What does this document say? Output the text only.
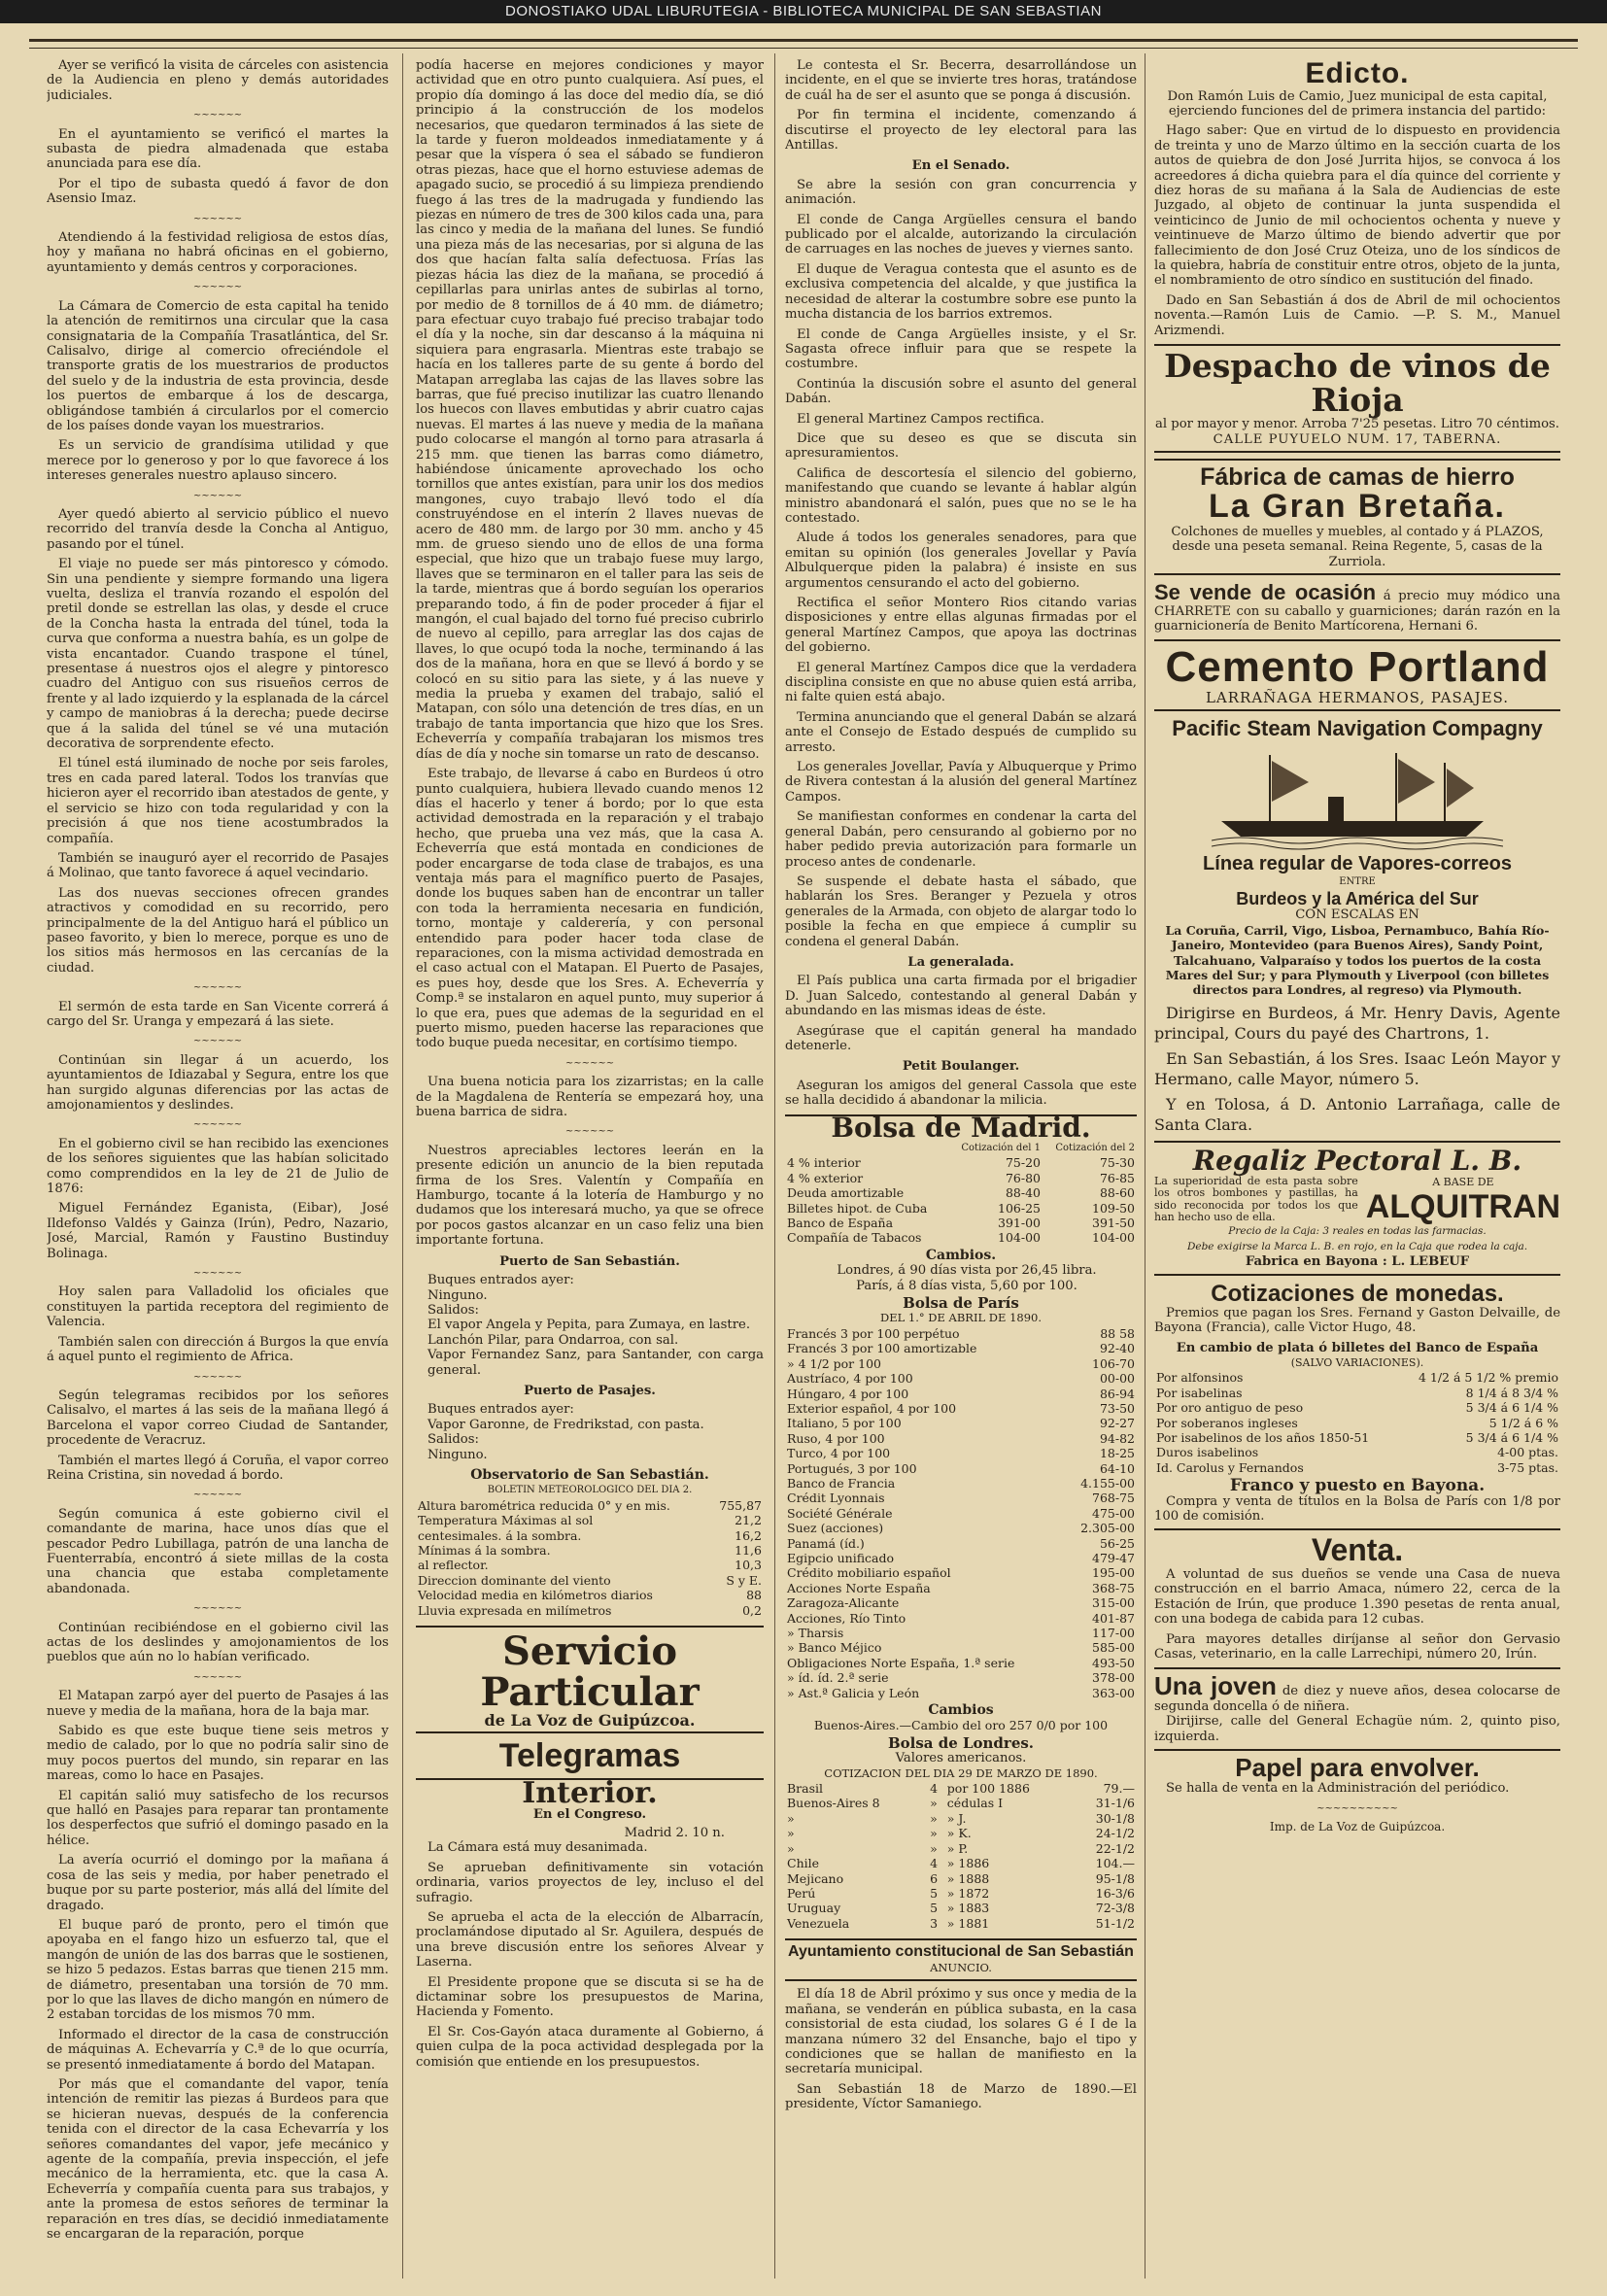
DONOSTIAKO UDAL LIBURUTEGIA - BIBLIOTECA MUNICIPAL DE SAN SEBASTIAN

Ayer se verificó la visita de cárceles con asistencia de la Audiencia en pleno y demás autoridades judiciales.

~~~~~~

En el ayuntamiento se verificó el martes la subasta de piedra almadenada que estaba anunciada para ese día.

Por el tipo de subasta quedó á favor de don Asensio Imaz.

~~~~~~

Atendiendo á la festividad religiosa de estos días, hoy y mañana no habrá oficinas en el gobierno, ayuntamiento y demás centros y corporaciones.

~~~~~~

La Cámara de Comercio de esta capital ha tenido la atención de remitirnos una circular que la casa consignataria de la Compañía Trasatlántica, del Sr. Calisalvo, dirige al comercio ofreciéndole el transporte gratis de los muestrarios de productos del suelo y de la industria de esta provincia, desde los puertos de embarque á los de descarga, obligándose también á circularlos por el comercio de los países donde vayan los muestrarios.

Es un servicio de grandísima utilidad y que merece por lo generoso y por lo que favorece á los intereses generales nuestro aplauso sincero.

~~~~~~

Ayer quedó abierto al servicio público el nuevo recorrido del tranvía desde la Concha al Antiguo, pasando por el túnel.

El viaje no puede ser más pintoresco y cómodo. Sin una pendiente y siempre formando una ligera vuelta, desliza el tranvía rozando el espolón del pretil donde se estrellan las olas, y desde el cruce de la Concha hasta la entrada del túnel, toda la curva que conforma a nuestra bahía, es un golpe de vista encantador. Cuando traspone el túnel, presentase á nuestros ojos el alegre y pintoresco cuadro del Antiguo con sus risueños cerros de frente y al lado izquierdo y la esplanada de la cárcel y campo de maniobras á la derecha; puede decirse que á la salida del túnel se vé una mutación decorativa de sorprendente efecto.

El túnel está iluminado de noche por seis faroles, tres en cada pared lateral. Todos los tranvías que hicieron ayer el recorrido iban atestados de gente, y el servicio se hizo con toda regularidad y con la precisión á que nos tiene acostumbrados la compañía.

También se inauguró ayer el recorrido de Pasajes á Molinao, que tanto favorece á aquel vecindario.

Las dos nuevas secciones ofrecen grandes atractivos y comodidad en su recorrido, pero principalmente de la del Antiguo hará el público un paseo favorito, y bien lo merece, porque es uno de los sitios más hermosos en las cercanías de la ciudad.

~~~~~~

El sermón de esta tarde en San Vicente correrá á cargo del Sr. Uranga y empezará á las siete.

~~~~~~

Continúan sin llegar á un acuerdo, los ayuntamientos de Idiazabal y Segura, entre los que han surgido algunas diferencias por las actas de amojonamientos y deslindes.

~~~~~~

En el gobierno civil se han recibido las exenciones de los señores siguientes que las habían solicitado como comprendidos en la ley de 21 de Julio de 1876:

Miguel Fernández Eganista, (Eibar), José Ildefonso Valdés y Gainza (Irún), Pedro, Nazario, José, Marcial, Ramón y Faustino Bustinduy Bolinaga.

~~~~~~

Hoy salen para Valladolid los oficiales que constituyen la partida receptora del regimiento de Valencia.

También salen con dirección á Burgos la que envía á aquel punto el regimiento de Africa.

~~~~~~

Según telegramas recibidos por los señores Calisalvo, el martes á las seis de la mañana llegó á Barcelona el vapor correo Ciudad de Santander, procedente de Veracruz.

También el martes llegó á Coruña, el vapor correo Reina Cristina, sin novedad á bordo.

~~~~~~

Según comunica á este gobierno civil el comandante de marina, hace unos días que el pescador Pedro Lubillaga, patrón de una lancha de Fuenterrabía, encontró á siete millas de la costa una chancia que estaba completamente abandonada.

~~~~~~

Continúan recibiéndose en el gobierno civil las actas de los deslindes y amojonamientos de los pueblos que aún no lo habían verificado.

~~~~~~

El Matapan zarpó ayer del puerto de Pasajes á las nueve y media de la mañana, hora de la baja mar.

Sabido es que este buque tiene seis metros y medio de calado, por lo que no podría salir sino de muy pocos puertos del mundo, sin reparar en las mareas, como lo hace en Pasajes.

El capitán salió muy satisfecho de los recursos que halló en Pasajes para reparar tan prontamente los desperfectos que sufrió el domingo pasado en la hélice.

La avería ocurrió el domingo por la mañana á cosa de las seis y media, por haber penetrado el buque por su parte posterior, más allá del límite del dragado.

El buque paró de pronto, pero el timón que apoyaba en el fango hizo un esfuerzo tal, que el mangón de unión de las dos barras que le sostienen, se hizo 5 pedazos. Estas barras que tienen 215 mm. de diámetro, presentaban una torsión de 70 mm. por lo que las llaves de dicho mangón en número de 2 estaban torcidas de los mismos 70 mm.

Informado el director de la casa de construcción de máquinas A. Echevarría y C.ª de lo que ocurría, se presentó inmediatamente á bordo del Matapan.

Por más que el comandante del vapor, tenía intención de remitir las piezas á Burdeos para que se hicieran nuevas, después de la conferencia tenida con el director de la casa Echevarría y los señores comandantes del vapor, jefe mecánico y agente de la compañía, previa inspección, el jefe mecánico de la herramienta, etc. que la casa A. Echeverría y compañía cuenta para sus trabajos, y ante la promesa de estos señores de terminar la reparación en tres días, se decidió inmediatamente se encargaran de la reparación, porque

podía hacerse en mejores condiciones y mayor actividad que en otro punto cualquiera. Así pues, el propio día domingo á las doce del medio día, se dió principio á la construcción de los modelos necesarios, que quedaron terminados á las siete de la tarde y fueron moldeados inmediatamente y á pesar que la víspera ó sea el sábado se fundieron otras piezas, hace que el horno estuviese ademas de apagado sucio, se procedió á su limpieza prendiendo fuego á las tres de la madrugada y fundiendo las piezas en número de tres de 300 kilos cada una, para las cinco y media de la mañana del lunes. Se fundió una pieza más de las necesarias, por si alguna de las dos que hacían falta salía defectuosa. Frías las piezas hácia las diez de la mañana, se procedió á cepillarlas para unirlas antes de subirlas al torno, por medio de 8 tornillos de á 40 mm. de diámetro; para efectuar cuyo trabajo fué preciso trabajar todo el día y la noche, sin dar descanso á la máquina ni siquiera para engrasarla. Mientras este trabajo se hacía en los talleres parte de su gente á bordo del Matapan arreglaba las cajas de las llaves sobre las barras, que fué preciso inutilizar las cuatro llenando los huecos con llaves embutidas y abrir cuatro cajas nuevas. El martes á las nueve y media de la mañana pudo colocarse el mangón al torno para atrasarla á 215 mm. que tienen las barras como diámetro, habiéndose únicamente aprovechado los ocho tornillos que antes existían, para unir los dos medios mangones, cuyo trabajo llevó todo el día construyéndose en el interín 2 llaves nuevas de acero de 480 mm. de largo por 30 mm. ancho y 45 mm. de grueso siendo uno de ellos de una forma especial, que hizo que un trabajo fuese muy largo, llaves que se terminaron en el taller para las seis de la tarde, mientras que á bordo seguían los operarios preparando todo, á fin de poder proceder á fijar el mangón, el cual bajado del torno fué preciso cubrirlo de nuevo al cepillo, para arreglar las dos cajas de llaves, lo que ocupó toda la noche, terminando á las dos de la mañana, hora en que se llevó á bordo y se colocó en su sitio para las siete, y á las nueve y media la prueba y examen del trabajo, salió el Matapan, con sólo una detención de tres días, en un trabajo de tanta importancia que hizo que los Sres. Echeverría y compañía trabajaran los mismos tres días de día y noche sin tomarse un rato de descanso.

Este trabajo, de llevarse á cabo en Burdeos ú otro punto cualquiera, hubiera llevado cuando menos 12 días el hacerlo y tener á bordo; por lo que esta actividad demostrada en la reparación y el trabajo hecho, que prueba una vez más, que la casa A. Echeverría que está montada en condiciones de poder encargarse de toda clase de trabajos, es una ventaja más para el magnífico puerto de Pasajes, donde los buques saben han de encontrar un taller con toda la herramienta necesaria en fundición, torno, montaje y calderería, y con personal entendido para poder hacer toda clase de reparaciones, con la misma actividad demostrada en el caso actual con el Matapan. El Puerto de Pasajes, es pues hoy, desde que los Sres. A. Echeverría y Comp.ª se instalaron en aquel punto, muy superior á lo que era, pues que ademas de la seguridad en el puerto mismo, pueden hacerse las reparaciones que todo buque pueda necesitar, en cortísimo tiempo.

~~~~~~

Una buena noticia para los zizarristas; en la calle de la Magdalena de Rentería se empezará hoy, una buena barrica de sidra.

~~~~~~

Nuestros apreciables lectores leerán en la presente edición un anuncio de la bien reputada firma de los Sres. Valentín y Compañía en Hamburgo, tocante á la lotería de Hamburgo y no dudamos que los interesará mucho, ya que se ofrece por pocos gastos alcanzar en un caso feliz una bien importante fortuna.

Puerto de San Sebastián.
Buques entrados ayer:
Ninguno.
Salidos:
El vapor Angela y Pepita, para Zumaya, en lastre.
Lanchón Pilar, para Ondarroa, con sal.
Vapor Fernandez Sanz, para Santander, con carga general.
Puerto de Pasajes.
Buques entrados ayer:
Vapor Garonne, de Fredrikstad, con pasta.
Salidos:
Ninguno.
Observatorio de San Sebastián.
BOLETIN METEOROLOGICO DEL DIA 2.
Altura barométrica reducida 0° y en mis.	755,87
Temperatura Máximas al sol	21,2
centesimales. á la sombra.	16,2
Mínimas á la sombra.	11,6
al reflector.	10,3
Direccion dominante del viento	S y E.
Velocidad media en kilómetros diarios	88
Lluvia expresada en milímetros	0,2
Servicio Particular
de La Voz de Guipúzcoa.
Telegramas
Interior.
En el Congreso.
Madrid 2. 10 n.

La Cámara está muy desanimada.

Se aprueban definitivamente sin votación ordinaria, varios proyectos de ley, incluso el del sufragio.

Se aprueba el acta de la elección de Albarracín, proclamándose diputado al Sr. Aguilera, después de una breve discusión entre los señores Alvear y Laserna.

El Presidente propone que se discuta si se ha de dictaminar sobre los presupuestos de Marina, Hacienda y Fomento.

El Sr. Cos-Gayón ataca duramente al Gobierno, á quien culpa de la poca actividad desplegada por la comisión que entiende en los presupuestos.

Le contesta el Sr. Becerra, desarrollándose un incidente, en el que se invierte tres horas, tratándose de cuál ha de ser el asunto que se ponga á discusión.

Por fin termina el incidente, comenzando á discutirse el proyecto de ley electoral para las Antillas.

En el Senado.

Se abre la sesión con gran concurrencia y animación.

El conde de Canga Argüelles censura el bando publicado por el alcalde, autorizando la circulación de carruages en las noches de jueves y viernes santo.

El duque de Veragua contesta que el asunto es de exclusiva competencia del alcalde, y que justifica la necesidad de alterar la costumbre sobre ese punto la mucha distancia de los barrios extremos.

El conde de Canga Argüelles insiste, y el Sr. Sagasta ofrece influir para que se respete la costumbre.

Continúa la discusión sobre el asunto del general Dabán.

El general Martinez Campos rectifica.

Dice que su deseo es que se discuta sin apresuramientos.

Califica de descortesía el silencio del gobierno, manifestando que cuando se levante á hablar algún ministro abandonará el salón, pues que no se le ha contestado.

Alude á todos los generales senadores, para que emitan su opinión (los generales Jovellar y Pavía Albulquerque piden la palabra) é insiste en sus argumentos censurando el acto del gobierno.

Rectifica el señor Montero Rios citando varias disposiciones y entre ellas algunas firmadas por el general Martínez Campos, que apoya las doctrinas del gobierno.

El general Martínez Campos dice que la verdadera disciplina consiste en que no abuse quien está arriba, ni falte quien está abajo.

Termina anunciando que el general Dabán se alzará ante el Consejo de Estado después de cumplido su arresto.

Los generales Jovellar, Pavía y Albuquerque y Primo de Rivera contestan á la alusión del general Martínez Campos.

Se manifiestan conformes en condenar la carta del general Dabán, pero censurando al gobierno por no haber pedido previa autorización para formarle un proceso antes de condenarle.

Se suspende el debate hasta el sábado, que hablarán los Sres. Beranger y Pezuela y otros generales de la Armada, con objeto de alargar todo lo posible la fecha en que empiece á cumplir su condena el general Dabán.

La generalada.

El País publica una carta firmada por el brigadier D. Juan Salcedo, contestando al general Dabán y abundando en las mismas ideas de éste.

Asegúrase que el capitán general ha mandado detenerle.

Petit Boulanger.

Aseguran los amigos del general Cassola que este se halla decidido á abandonar la milicia.

Bolsa de Madrid.
	Cotización del 1	Cotización del 2
4 % interior	75-20	75-30
4 % exterior	76-80	76-85
Deuda amortizable	88-40	88-60
Billetes hipot. de Cuba	106-25	109-50
Banco de España	391-00	391-50
Compañía de Tabacos	104-00	104-00
Cambios.
Londres, á 90 días vista por 26,45 libra.
París, á 8 días vista, 5,60 por 100.
Bolsa de París
DEL 1.° DE ABRIL DE 1890.
Francés 3 por 100 perpétuo	88 58
Francés 3 por 100 amortizable	92-40
» 4 1/2 por 100	106-70
Austríaco, 4 por 100	00-00
Húngaro, 4 por 100	86-94
Exterior español, 4 por 100	73-50
Italiano, 5 por 100	92-27
Ruso, 4 por 100	94-82
Turco, 4 por 100	18-25
Portugués, 3 por 100	64-10
Banco de Francia	4.155-00
Crédit Lyonnais	768-75
Société Générale	475-00
Suez (acciones)	2.305-00
Panamá (íd.)	56-25
Egipcio unificado	479-47
Crédito mobiliario español	195-00
Acciones Norte España	368-75
Zaragoza-Alicante	315-00
Acciones, Río Tinto	401-87
» Tharsis	117-00
» Banco Méjico	585-00
Obligaciones Norte España, 1.ª serie	493-50
» íd. íd. 2.ª serie	378-00
» Ast.ª Galicia y León	363-00
Cambios
Buenos-Aires.—Cambio del oro 257 0/0 por 100
Bolsa de Londres.
Valores americanos.
COTIZACION DEL DIA 29 DE MARZO DE 1890.
Brasil	4	por 100 1886	79.—
Buenos-Aires 8	»	cédulas I	31-1/6
»	»	» J.	30-1/8
»	»	» K.	24-1/2
»	»	» P.	22-1/2
Chile	4	» 1886	104.—
Mejicano	6	» 1888	95-1/8
Perú	5	» 1872	16-3/6
Uruguay	5	» 1883	72-3/8
Venezuela	3	» 1881	51-1/2
Ayuntamiento constitucional de San Sebastián
ANUNCIO.

El día 18 de Abril próximo y sus once y media de la mañana, se venderán en pública subasta, en la casa consistorial de esta ciudad, los solares G é I de la manzana número 32 del Ensanche, bajo el tipo y condiciones que se hallan de manifiesto en la secretaría municipal.

San Sebastián 18 de Marzo de 1890.—El presidente, Víctor Samaniego.

Edicto.

Don Ramón Luis de Camio, Juez municipal de esta capital, ejerciendo funciones del de primera instancia del partido:

Hago saber: Que en virtud de lo dispuesto en providencia de treinta y uno de Marzo último en la sección cuarta de los autos de quiebra de don José Jurrita hijos, se convoca á los acreedores á dicha quiebra para el día quince del corriente y diez horas de su mañana á la Sala de Audiencias de este Juzgado, al objeto de continuar la junta suspendida el veinticinco de Junio de mil ochocientos ochenta y nueve y veintinueve de Marzo último de biendo advertir que por fallecimiento de don José Cruz Oteiza, uno de los síndicos de la quiebra, habría de constituir entre otros, objeto de la junta, el nombramiento de otro síndico en sustitución del finado.

Dado en San Sebastián á dos de Abril de mil ochocientos noventa.—Ramón Luis de Camio. —P. S. M., Manuel Arizmendi.

Despacho de vinos de Rioja
al por mayor y menor. Arroba 7'25 pesetas. Litro 70 céntimos.
CALLE PUYUELO NUM. 17, TABERNA.
Fábrica de camas de hierro
La Gran Bretaña.
Colchones de muelles y muebles, al contado y á PLAZOS, desde una peseta semanal. Reina Regente, 5, casas de la Zurriola.
Se vende de ocasión á precio muy módico una CHARRETE con su caballo y guarniciones; darán razón en la guarnicionería de Benito Martícorena, Hernani 6.
Cemento Portland
LARRAÑAGA HERMANOS, PASAJES.
Pacific Steam Navigation Compagny
Línea regular de Vapores-correos
ENTRE
Burdeos y la América del Sur
CON ESCALAS EN

La Coruña, Carril, Vigo, Lisboa, Pernambuco, Bahía Río-Janeiro, Montevideo (para Buenos Aires), Sandy Point, Talcahuano, Valparaíso y todos los puertos de la costa Mares del Sur; y para Plymouth y Liverpool (con billetes directos para Londres, al regreso) via Plymouth.

Dirigirse en Burdeos, á Mr. Henry Davis, Agente principal, Cours du payé des Chartrons, 1.

En San Sebastián, á los Sres. Isaac León Mayor y Hermano, calle Mayor, número 5.

Y en Tolosa, á D. Antonio Larrañaga, calle de Santa Clara.

Regaliz Pectoral L. B.
La superioridad de esta pasta sobre los otros bombones y pastillas, ha sido reconocida por todos los que han hecho uso de ella.
A BASE DE
ALQUITRAN
Precio de la Caja: 3 reales en todas las farmacias.
Debe exigirse la Marca L. B. en rojo, en la Caja que rodea la caja.
Fabrica en Bayona : L. LEBEUF
Cotizaciones de monedas.

Premios que pagan los Sres. Fernand y Gaston Delvaille, de Bayona (Francia), calle Victor Hugo, 48.

En cambio de plata ó billetes del Banco de España
(SALVO VARIACIONES).
Por alfonsinos	4 1/2 á 5 1/2 % premio
Por isabelinas	8 1/4 á 8 3/4 %
Por oro antiguo de peso	5 3/4 á 6 1/4 %
Por soberanos ingleses	5 1/2 á 6 %
Por isabelinos de los años 1850-51	5 3/4 á 6 1/4 %
Duros isabelinos	4-00 ptas.
Id. Carolus y Fernandos	3-75 ptas.
Franco y puesto en Bayona.

Compra y venta de títulos en la Bolsa de París con 1/8 por 100 de comisión.

Venta.

A voluntad de sus dueños se vende una Casa de nueva construcción en el barrio Amaca, número 22, cerca de la Estación de Irún, que produce 1.390 pesetas de renta anual, con una bodega de cabida para 12 cubas.

Para mayores detalles diríjanse al señor don Gervasio Casas, veterinario, en la calle Larrechipi, número 20, Irún.

Una joven de diez y nueve años, desea colocarse de segunda doncella ó de niñera.

Dirijirse, calle del General Echagüe núm. 2, quinto piso, izquierda.

Papel para envolver.

Se halla de venta en la Administración del periódico.

~~~~~~~~~~
Imp. de La Voz de Guipúzcoa.
